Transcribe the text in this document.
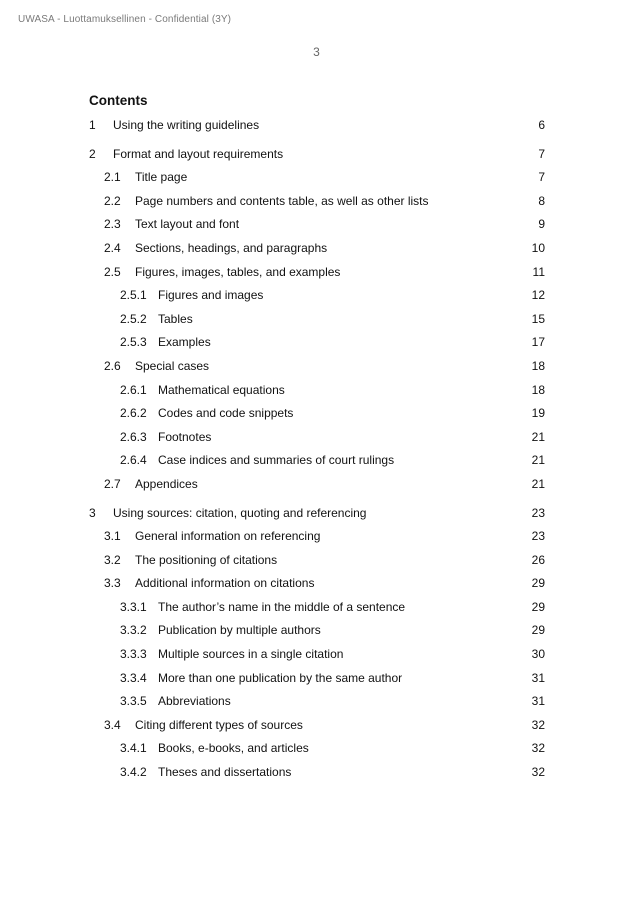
UWASA - Luottamuksellinen - Confidential (3Y)
3
Contents
1 Using the writing guidelines	6
2 Format and layout requirements	7
2.1 Title page	7
2.2 Page numbers and contents table, as well as other lists	8
2.3 Text layout and font	9
2.4 Sections, headings, and paragraphs	10
2.5 Figures, images, tables, and examples	11
2.5.1 Figures and images	12
2.5.2 Tables	15
2.5.3 Examples	17
2.6 Special cases	18
2.6.1 Mathematical equations	18
2.6.2 Codes and code snippets	19
2.6.3 Footnotes	21
2.6.4 Case indices and summaries of court rulings	21
2.7 Appendices	21
3 Using sources: citation, quoting and referencing	23
3.1 General information on referencing	23
3.2 The positioning of citations	26
3.3 Additional information on citations	29
3.3.1 The author’s name in the middle of a sentence	29
3.3.2 Publication by multiple authors	29
3.3.3 Multiple sources in a single citation	30
3.3.4 More than one publication by the same author	31
3.3.5 Abbreviations	31
3.4 Citing different types of sources	32
3.4.1 Books, e-books, and articles	32
3.4.2 Theses and dissertations	32
